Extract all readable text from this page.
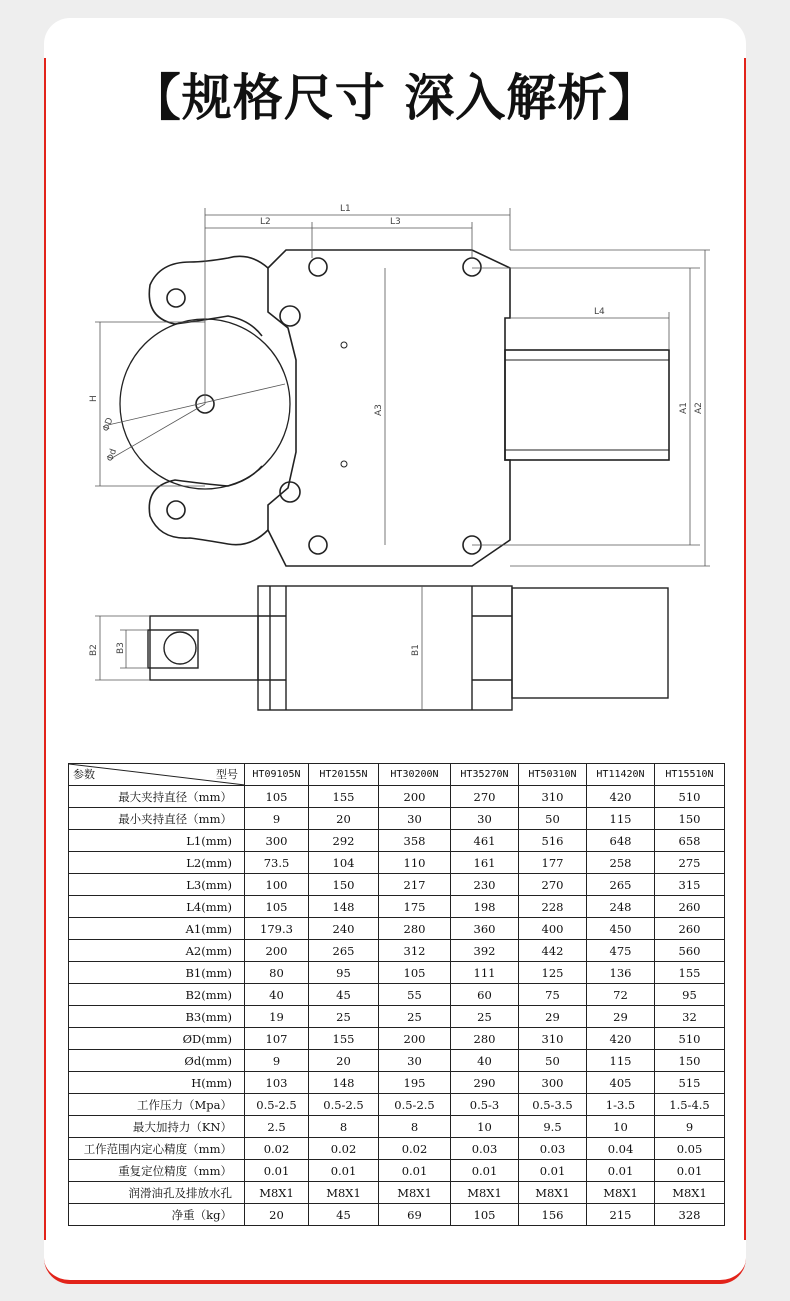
【规格尺寸 深入解析】
L1
L2	L3
L4
A3	A1 A2
H
ΦD
Φd
B2 B3	B1
参数 型号	HT09105N	HT20155N	HT30200N	HT35270N	HT50310N	HT11420N	HT15510N
最大夹持直径（mm）	105	155	200	270	310	420	510
最小夹持直径（mm）	9	20	30	30	50	115	150
L1(mm)	300	292	358	461	516	648	658
L2(mm)	73.5	104	110	161	177	258	275
L3(mm)	100	150	217	230	270	265	315
L4(mm)	105	148	175	198	228	248	260
A1(mm)	179.3	240	280	360	400	450	260
A2(mm)	200	265	312	392	442	475	560
B1(mm)	80	95	105	111	125	136	155
B2(mm)	40	45	55	60	75	72	95
B3(mm)	19	25	25	25	29	29	32
ØD(mm)	107	155	200	280	310	420	510
Ød(mm)	9	20	30	40	50	115	150
H(mm)	103	148	195	290	300	405	515
工作压力（Mpa）	0.5-2.5	0.5-2.5	0.5-2.5	0.5-3	0.5-3.5	1-3.5	1.5-4.5
最大加持力（KN）	2.5	8	8	10	9.5	10	9
工作范围内定心精度（mm）	0.02	0.02	0.02	0.03	0.03	0.04	0.05
重复定位精度（mm）	0.01	0.01	0.01	0.01	0.01	0.01	0.01
润滑油孔及排放水孔	M8X1	M8X1	M8X1	M8X1	M8X1	M8X1	M8X1
净重（kg）	20	45	69	105	156	215	328
